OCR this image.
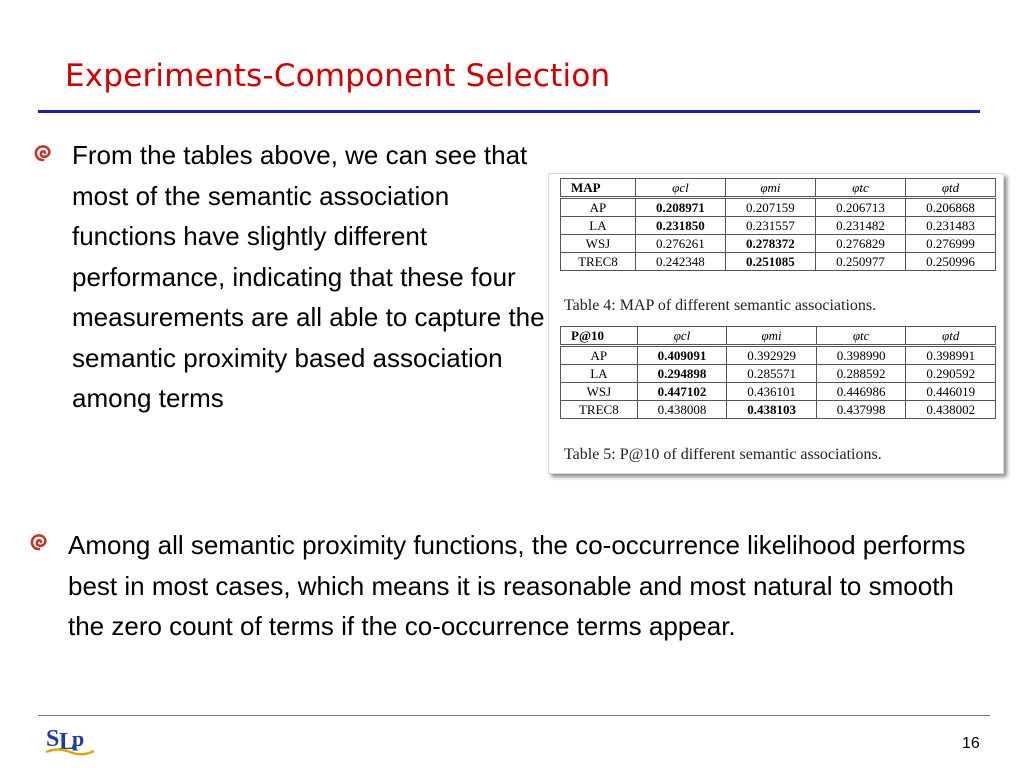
Experiments-Component Selection
From the tables above, we can see that most of the semantic association functions have slightly different performance, indicating that these four measurements are all able to capture the semantic proximity based association among terms
Among all semantic proximity functions, the co-occurrence likelihood performs best in most cases, which means it is reasonable and most natural to smooth the zero count of terms if the co-occurrence terms appear.
MAP	φcl	φmi	φtc	φtd
AP	0.208971	0.207159	0.206713	0.206868
LA	0.231850	0.231557	0.231482	0.231483
WSJ	0.276261	0.278372	0.276829	0.276999
TREC8	0.242348	0.251085	0.250977	0.250996
Table 4: MAP of different semantic associations.
P@10	φcl	φmi	φtc	φtd
AP	0.409091	0.392929	0.398990	0.398991
LA	0.294898	0.285571	0.288592	0.290592
WSJ	0.447102	0.436101	0.446986	0.446019
TREC8	0.438008	0.438103	0.437998	0.438002
Table 5: P@10 of different semantic associations.
S L
p	16
